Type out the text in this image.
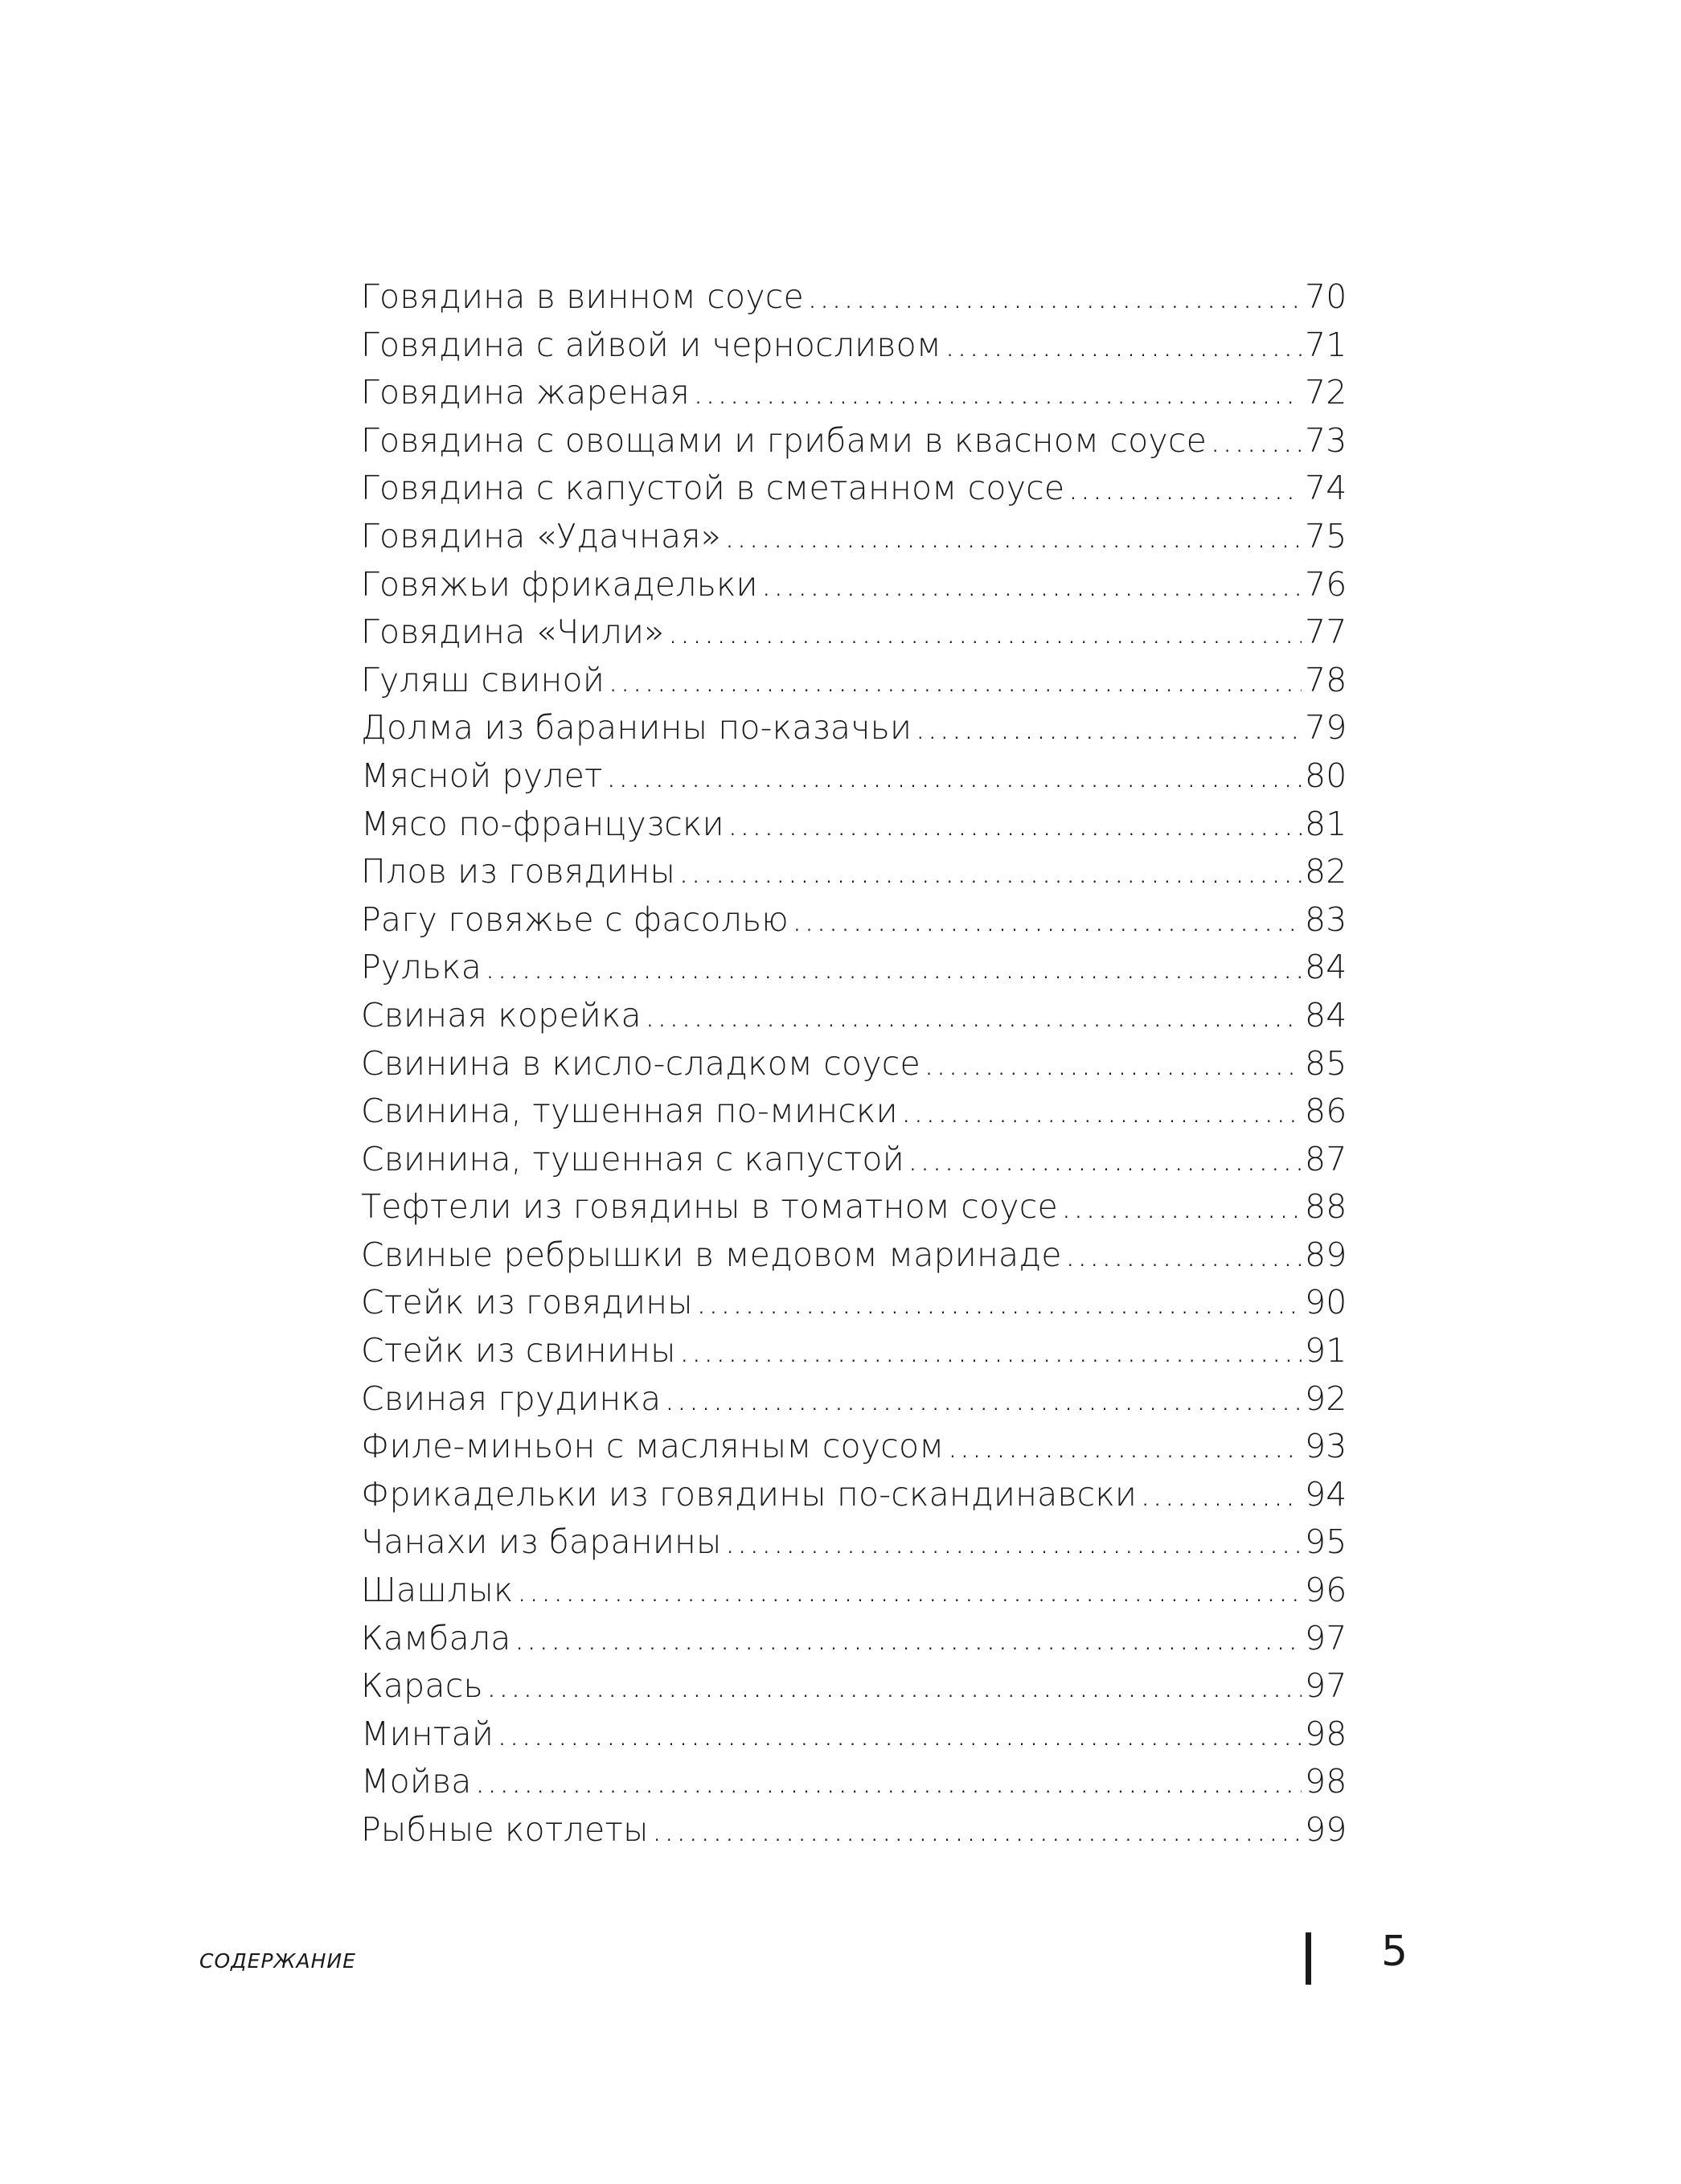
Говядина в винном соусе .....	70
Говядина с айвой и черносливом .....	71
Говядина жареная .....	72
Говядина с овощами и грибами в квасном соусе .....	73
Говядина с капустой в сметанном соусе .....	74
Говядина «Удачная» .....	75
Говяжьи фрикадельки .....	76
Говядина «Чили» .....	77
Гуляш свиной .....	78
Долма из баранины по-казачьи .....	79
Мясной рулет .....	80
Мясо по-французски .....	81
Плов из говядины .....	82
Рагу говяжье с фасолью .....	83
Рулька .....	84
Свиная корейка .....	84
Свинина в кисло-сладком соусе .....	85
Свинина, тушенная по-мински .....	86
Свинина, тушенная с капустой .....	87
Тефтели из говядины в томатном соусе .....	88
Свиные ребрышки в медовом маринаде .....	89
Стейк из говядины .....	90
Стейк из свинины .....	91
Свиная грудинка .....	92
Филе-миньон с масляным соусом .....	93
Фрикадельки из говядины по-скандинавски .....	94
Чанахи из баранины .....	95
Шашлык .....	96
Камбала .....	97
Карась .....	97
Минтай .....	98
Мойва .....	98
Рыбные котлеты .....	99
СОДЕРЖАНИЕ	5
